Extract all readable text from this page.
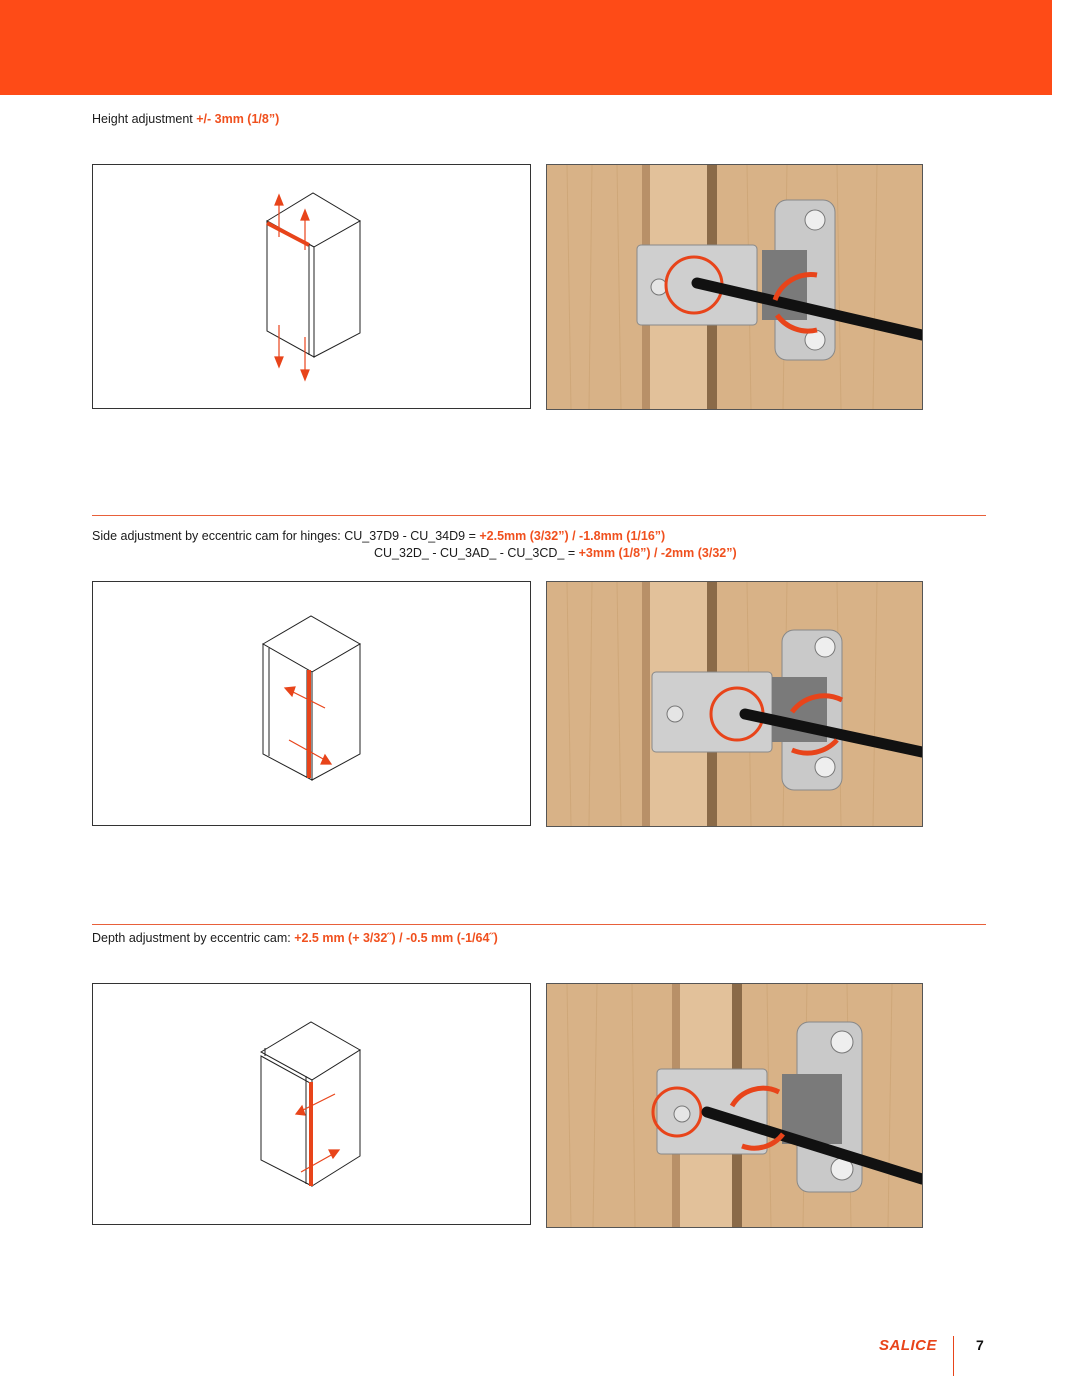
Height adjustment +/- 3mm (1/8”)
Side adjustment by eccentric cam for hinges: CU_37D9 - CU_34D9 = +2.5mm (3/32”) / -1.8mm (1/16”)
CU_32D_ - CU_3AD_ - CU_3CD_ = +3mm (1/8”) / -2mm (3/32”)
Depth adjustment by eccentric cam: +2.5 mm (+ 3/32˝) / -0.5 mm (-1/64˝)
SALICE	7
